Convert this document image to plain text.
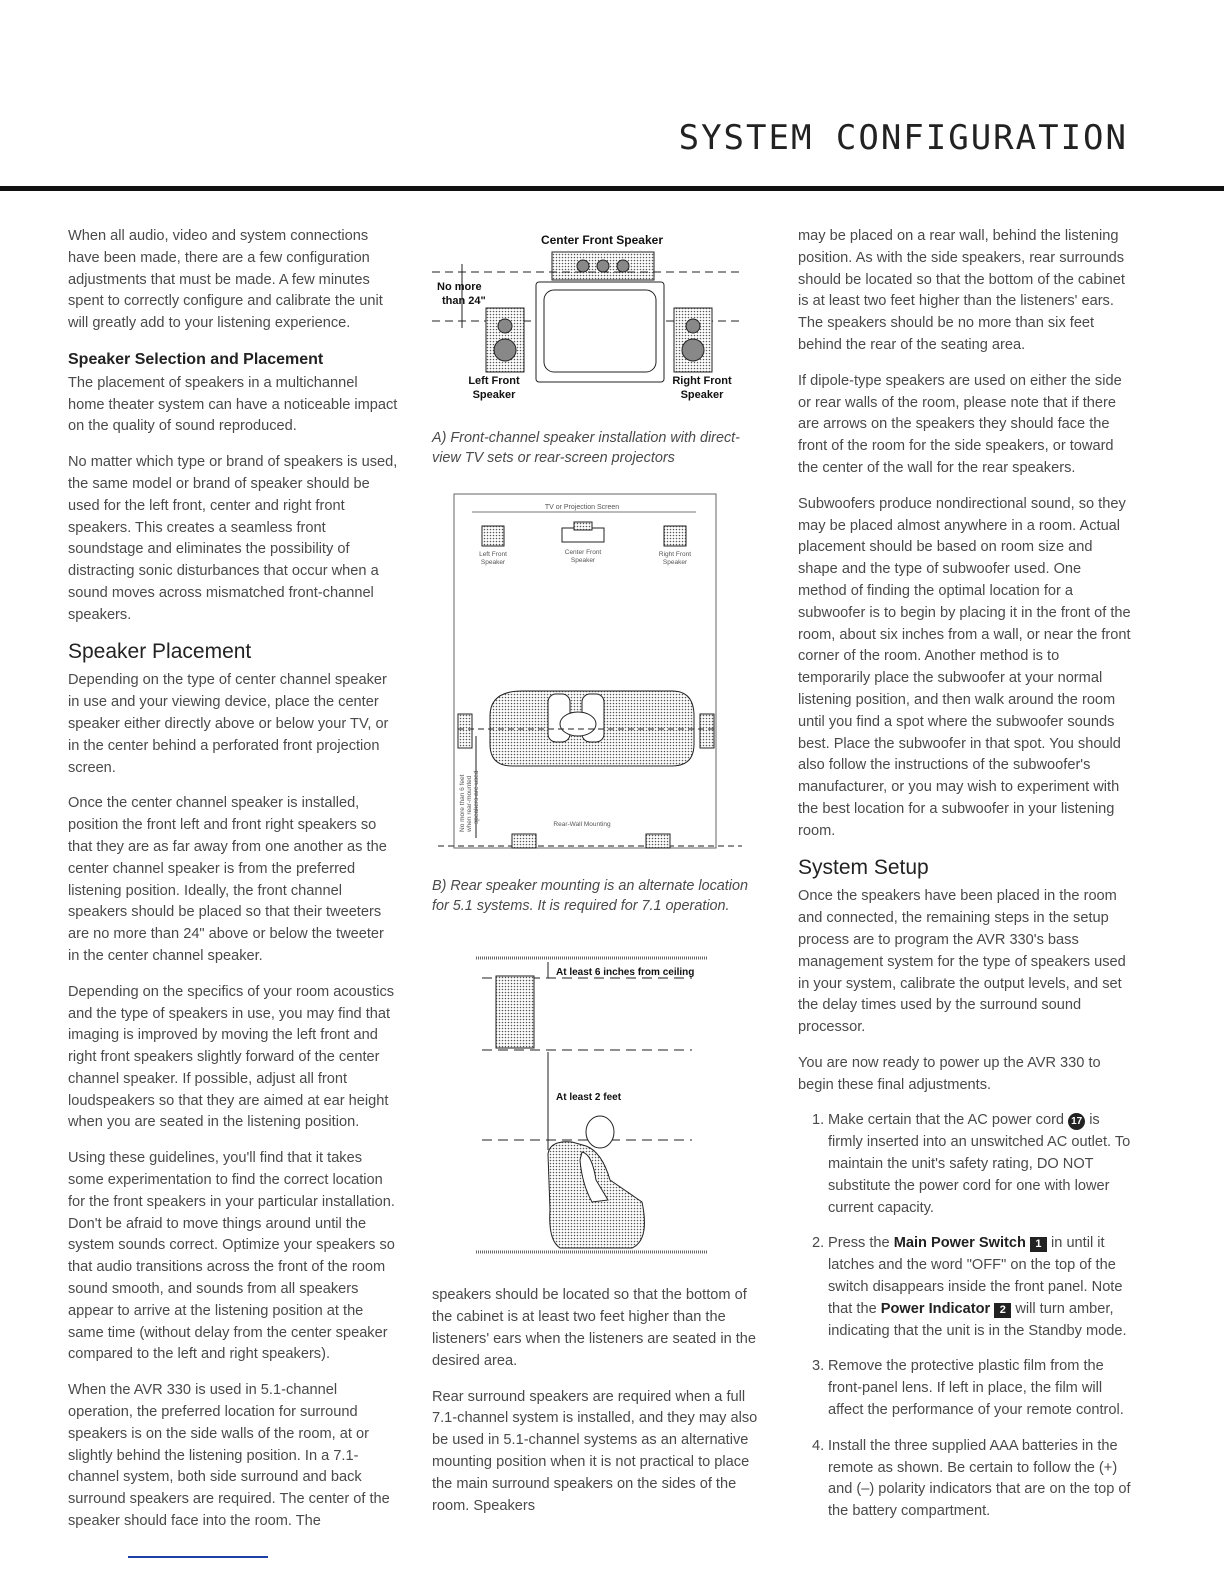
SYSTEM CONFIGURATION

When all audio, video and system connections have been made, there are a few configuration adjustments that must be made. A few minutes spent to correctly configure and calibrate the unit will greatly add to your listening experience.

Speaker Selection and Placement

The placement of speakers in a multichannel home theater system can have a noticeable impact on the quality of sound reproduced.

No matter which type or brand of speakers is used, the same model or brand of speaker should be used for the left front, center and right front speakers. This creates a seamless front soundstage and eliminates the possibility of distracting sonic disturbances that occur when a sound moves across mismatched front-channel speakers.

Speaker Placement

Depending on the type of center channel speaker in use and your viewing device, place the center speaker either directly above or below your TV, or in the center behind a perforated front projection screen.

Once the center channel speaker is installed, position the front left and front right speakers so that they are as far away from one another as the center channel speaker is from the preferred listening position. Ideally, the front channel speakers should be placed so that their tweeters are no more than 24" above or below the tweeter in the center channel speaker.

Depending on the specifics of your room acoustics and the type of speakers in use, you may find that imaging is improved by moving the left front and right front speakers slightly forward of the center channel speaker. If possible, adjust all front loudspeakers so that they are aimed at ear height when you are seated in the listening position.

Using these guidelines, you'll find that it takes some experimentation to find the correct location for the front speakers in your particular installation. Don't be afraid to move things around until the system sounds correct. Optimize your speakers so that audio transitions across the front of the room sound smooth, and sounds from all speakers appear to arrive at the listening position at the same time (without delay from the center speaker compared to the left and right speakers).

When the AVR 330 is used in 5.1-channel operation, the preferred location for surround speakers is on the side walls of the room, at or slightly behind the listening position. In a 7.1-channel system, both side surround and back surround speakers are required. The center of the speaker should face into the room. The

Center Front Speaker
No more
than 24"
Left Front
Speaker
Right Front
Speaker

A) Front-channel speaker installation with direct-view TV sets or rear-screen projectors

TV or Projection Screen
Left Front
Speaker
Center Front
Speaker
Right Front
Speaker
No more than 6 feet when rear-mounted speakers are used
Rear-Wall Mounting

B) Rear speaker mounting is an alternate location for 5.1 systems. It is required for 7.1 operation.

At least 6 inches from ceiling
At least 2 feet

speakers should be located so that the bottom of the cabinet is at least two feet higher than the listeners' ears when the listeners are seated in the desired area.

Rear surround speakers are required when a full 7.1-channel system is installed, and they may also be used in 5.1-channel systems as an alternative mounting position when it is not practical to place the main surround speakers on the sides of the room. Speakers

may be placed on a rear wall, behind the listening position. As with the side speakers, rear surrounds should be located so that the bottom of the cabinet is at least two feet higher than the listeners' ears. The speakers should be no more than six feet behind the rear of the seating area.

If dipole-type speakers are used on either the side or rear walls of the room, please note that if there are arrows on the speakers they should face the front of the room for the side speakers, or toward the center of the wall for the rear speakers.

Subwoofers produce nondirectional sound, so they may be placed almost anywhere in a room. Actual placement should be based on room size and shape and the type of subwoofer used. One method of finding the optimal location for a subwoofer is to begin by placing it in the front of the room, about six inches from a wall, or near the front corner of the room. Another method is to temporarily place the subwoofer at your normal listening position, and then walk around the room until you find a spot where the subwoofer sounds best. Place the subwoofer in that spot. You should also follow the instructions of the subwoofer's manufacturer, or you may wish to experiment with the best location for a subwoofer in your listening room.

System Setup

Once the speakers have been placed in the room and connected, the remaining steps in the setup process are to program the AVR 330's bass management system for the type of speakers used in your system, calibrate the output levels, and set the delay times used by the surround sound processor.

You are now ready to power up the AVR 330 to begin these final adjustments.

1. Make certain that the AC power cord 17 is firmly inserted into an unswitched AC outlet. To maintain the unit's safety rating, DO NOT substitute the power cord for one with lower current capacity.
2. Press the Main Power Switch 1 in until it latches and the word "OFF" on the top of the switch disappears inside the front panel. Note that the Power Indicator 2 will turn amber, indicating that the unit is in the Standby mode.
3. Remove the protective plastic film from the front-panel lens. If left in place, the film will affect the performance of your remote control.
4. Install the three supplied AAA batteries in the remote as shown. Be certain to follow the (+) and (–) polarity indicators that are on the top of the battery compartment.
